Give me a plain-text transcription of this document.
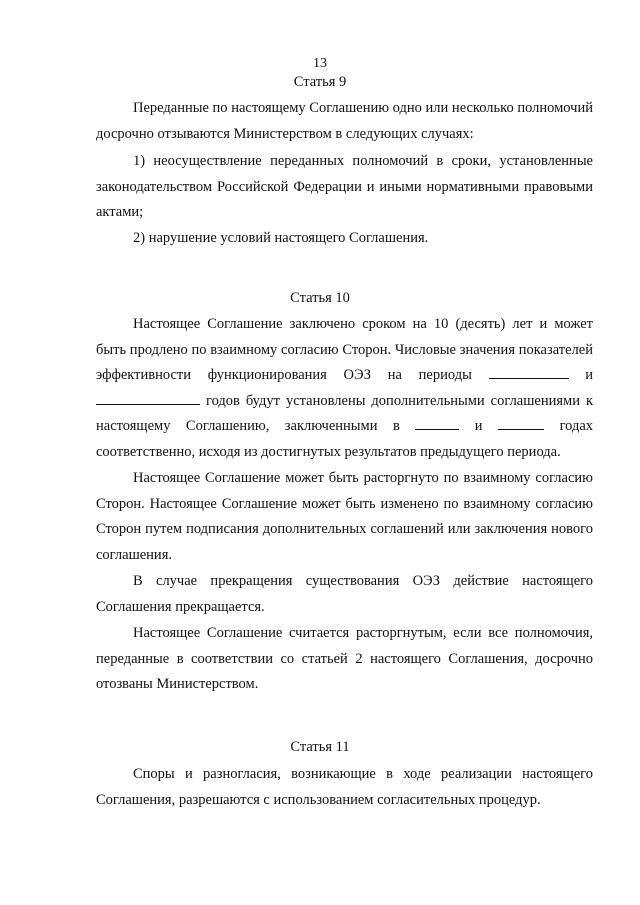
13
Статья 9

Переданные по настоящему Соглашению одно или несколько полномочий досрочно отзываются Министерством в следующих случаях:

1) неосуществление переданных полномочий в сроки, установленные законодательством Российской Федерации и иными нормативными правовыми актами;

2) нарушение условий настоящего Соглашения.

Статья 10

Настоящее Соглашение заключено сроком на 10 (десять) лет и может быть продлено по взаимному согласию Сторон. Числовые значения показателей эффективности функционирования ОЭЗ на периоды	и  годов будут установлены дополнительными соглашениями к настоящему Соглашению, заключенными в	и	годах соответственно, исходя из достигнутых результатов предыдущего периода.

Настоящее Соглашение может быть расторгнуто по взаимному согласию Сторон. Настоящее Соглашение может быть изменено по взаимному согласию Сторон путем подписания дополнительных соглашений или заключения нового соглашения.

В случае прекращения существования ОЭЗ действие настоящего Соглашения прекращается.

Настоящее Соглашение считается расторгнутым, если все полномочия, переданные в соответствии со статьей 2 настоящего Соглашения, досрочно отозваны Министерством.

Статья 11

Споры и разногласия, возникающие в ходе реализации настоящего Соглашения, разрешаются с использованием согласительных процедур.
